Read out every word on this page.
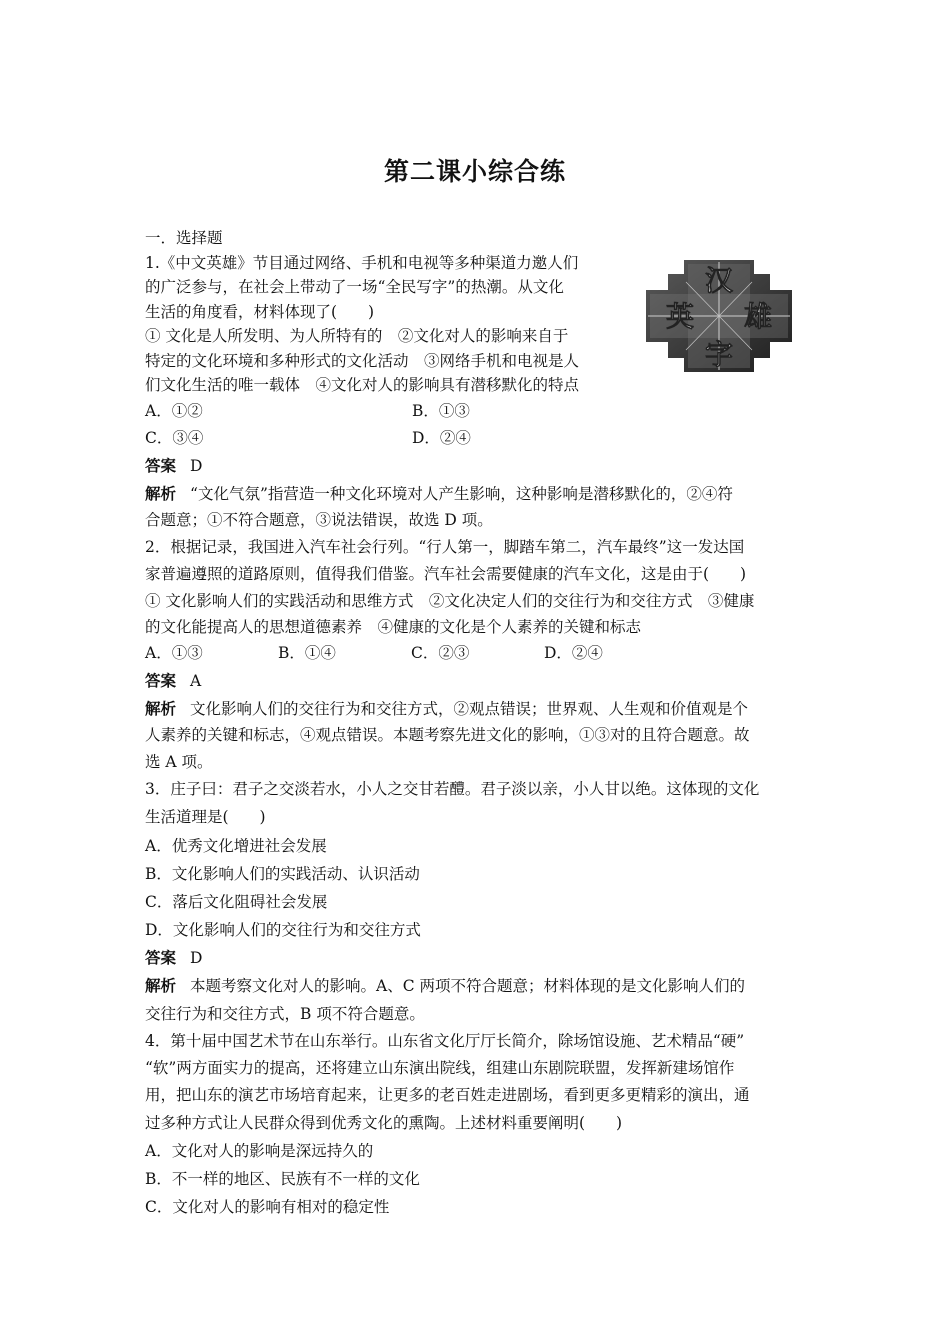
第二课小综合练
汉
英 雄
字
一．选择题
1.《中文英雄》节目通过网络、手机和电视等多种渠道力邀人们
的广泛参与，在社会上带动了一场“全民写字”的热潮。从文化
生活的角度看，材料体现了(　　)
① 文化是人所发明、为人所特有的　②文化对人的影响来自于
特定的文化环境和多种形式的文化活动　③网络手机和电视是人
们文化生活的唯一载体　④文化对人的影响具有潜移默化的特点
A．①②	B．①③
C．③④	D．②④
答案 D
解析 “文化气氛”指营造一种文化环境对人产生影响，这种影响是潜移默化的，②④符
合题意；①不符合题意，③说法错误，故选 D 项。
2．根据记录，我国进入汽车社会行列。“行人第一，脚踏车第二，汽车最终”这一发达国
家普遍遵照的道路原则，值得我们借鉴。汽车社会需要健康的汽车文化，这是由于(　　)
① 文化影响人们的实践活动和思维方式　②文化决定人们的交往行为和交往方式　③健康
的文化能提高人的思想道德素养　④健康的文化是个人素养的关键和标志
A．①③	B．①④	C．②③	D．②④
答案 A
解析 文化影响人们的交往行为和交往方式，②观点错误；世界观、人生观和价值观是个
人素养的关键和标志，④观点错误。本题考察先进文化的影响，①③对的且符合题意。故
选 A 项。
3．庄子曰：君子之交淡若水，小人之交甘若醴。君子淡以亲，小人甘以绝。这体现的文化
生活道理是(　　)
A．优秀文化增进社会发展
B．文化影响人们的实践活动、认识活动
C．落后文化阻碍社会发展
D．文化影响人们的交往行为和交往方式
答案 D
解析 本题考察文化对人的影响。A、C 两项不符合题意；材料体现的是文化影响人们的
交往行为和交往方式，B 项不符合题意。
4．第十届中国艺术节在山东举行。山东省文化厅厅长简介，除场馆设施、艺术精品“硬”
“软”两方面实力的提高，还将建立山东演出院线，组建山东剧院联盟，发挥新建场馆作
用，把山东的演艺市场培育起来，让更多的老百姓走进剧场，看到更多更精彩的演出，通
过多种方式让人民群众得到优秀文化的熏陶。上述材料重要阐明(　　)
A．文化对人的影响是深远持久的
B．不一样的地区、民族有不一样的文化
C．文化对人的影响有相对的稳定性
